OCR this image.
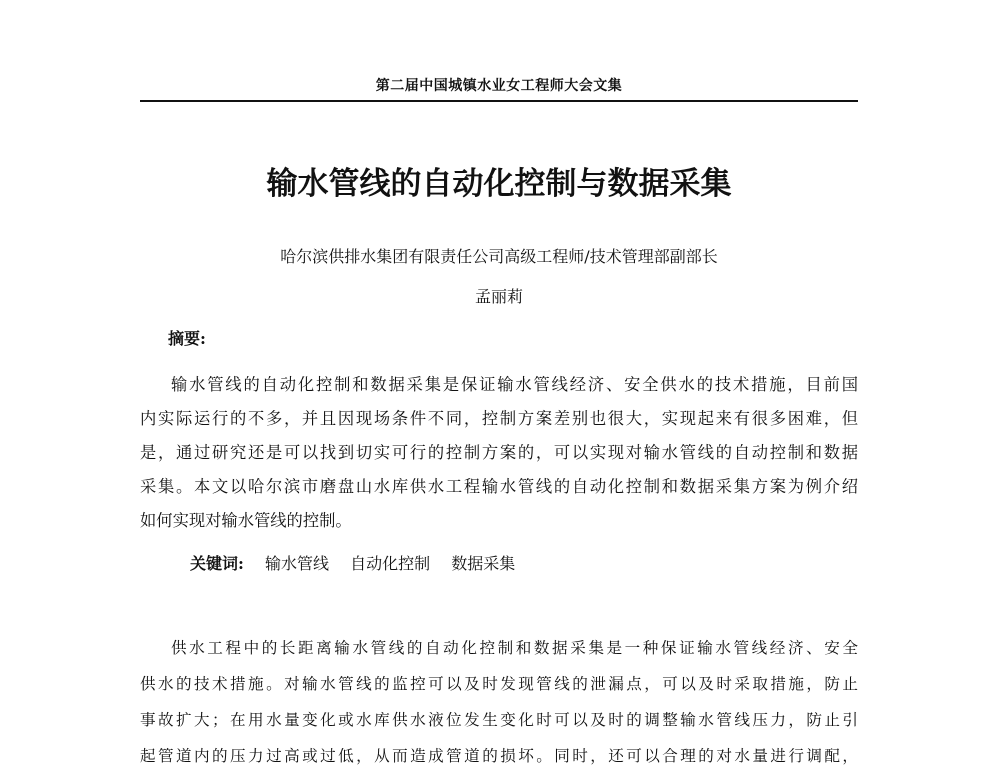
第二届中国城镇水业女工程师大会文集
输水管线的自动化控制与数据采集
哈尔滨供排水集团有限责任公司高级工程师/技术管理部副部长
孟丽莉
摘要:
输水管线的自动化控制和数据采集是保证输水管线经济、安全供水的技术措施，目前国
内实际运行的不多，并且因现场条件不同，控制方案差别也很大，实现起来有很多困难，但
是，通过研究还是可以找到切实可行的控制方案的，可以实现对输水管线的自动控制和数据
采集。本文以哈尔滨市磨盘山水库供水工程输水管线的自动化控制和数据采集方案为例介绍
如何实现对输水管线的控制。
关键词: 输水管线 自动化控制 数据采集
供水工程中的长距离输水管线的自动化控制和数据采集是一种保证输水管线经济、安全
供水的技术措施。对输水管线的监控可以及时发现管线的泄漏点，可以及时采取措施，防止
事故扩大；在用水量变化或水库供水液位发生变化时可以及时的调整输水管线压力，防止引
起管道内的压力过高或过低，从而造成管道的损坏。同时，还可以合理的对水量进行调配，
